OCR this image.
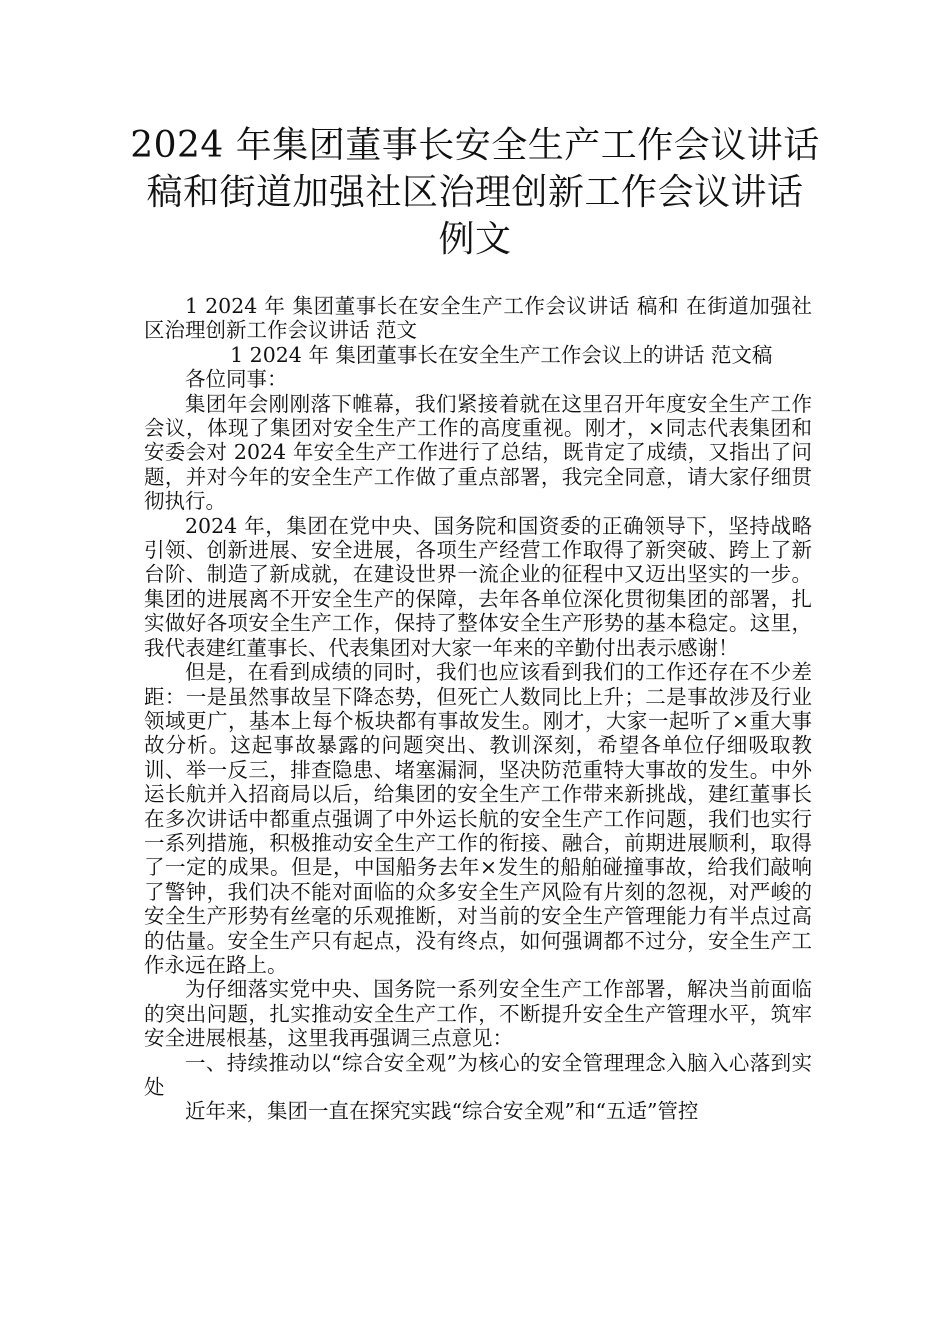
2024 年集团董事长安全生产工作会议讲话
稿和街道加强社区治理创新工作会议讲话
例文

1 2024 年 集团董事长在安全生产工作会议讲话 稿和 在街道加强社区治理创新工作会议讲话 范文

1 2024 年 集团董事长在安全生产工作会议上的讲话 范文稿

各位同事：

集团年会刚刚落下帷幕，我们紧接着就在这里召开年度安全生产工作会议，体现了集团对安全生产工作的高度重视。刚才，×同志代表集团和安委会对 2024 年安全生产工作进行了总结，既肯定了成绩，又指出了问题，并对今年的安全生产工作做了重点部署，我完全同意，请大家仔细贯彻执行。

2024 年，集团在党中央、国务院和国资委的正确领导下，坚持战略引领、创新进展、安全进展，各项生产经营工作取得了新突破、跨上了新台阶、制造了新成就，在建设世界一流企业的征程中又迈出坚实的一步。集团的进展离不开安全生产的保障，去年各单位深化贯彻集团的部署，扎实做好各项安全生产工作，保持了整体安全生产形势的基本稳定。这里，我代表建红董事长、代表集团对大家一年来的辛勤付出表示感谢！

但是，在看到成绩的同时，我们也应该看到我们的工作还存在不少差距：一是虽然事故呈下降态势，但死亡人数同比上升；二是事故涉及行业领域更广，基本上每个板块都有事故发生。刚才，大家一起听了×重大事故分析。这起事故暴露的问题突出、教训深刻，希望各单位仔细吸取教训、举一反三，排查隐患、堵塞漏洞，坚决防范重特大事故的发生。中外运长航并入招商局以后，给集团的安全生产工作带来新挑战，建红董事长在多次讲话中都重点强调了中外运长航的安全生产工作问题，我们也实行一系列措施，积极推动安全生产工作的衔接、融合，前期进展顺利，取得了一定的成果。但是，中国船务去年×发生的船舶碰撞事故，给我们敲响了警钟，我们决不能对面临的众多安全生产风险有片刻的忽视，对严峻的安全生产形势有丝毫的乐观推断，对当前的安全生产管理能力有半点过高的估量。安全生产只有起点，没有终点，如何强调都不过分，安全生产工作永远在路上。

为仔细落实党中央、国务院一系列安全生产工作部署，解决当前面临的突出问题，扎实推动安全生产工作，不断提升安全生产管理水平，筑牢安全进展根基，这里我再强调三点意见：

一、持续推动以“综合安全观”为核心的安全管理理念入脑入心落到实处

近年来，集团一直在探究实践“综合安全观”和“五适”管控
